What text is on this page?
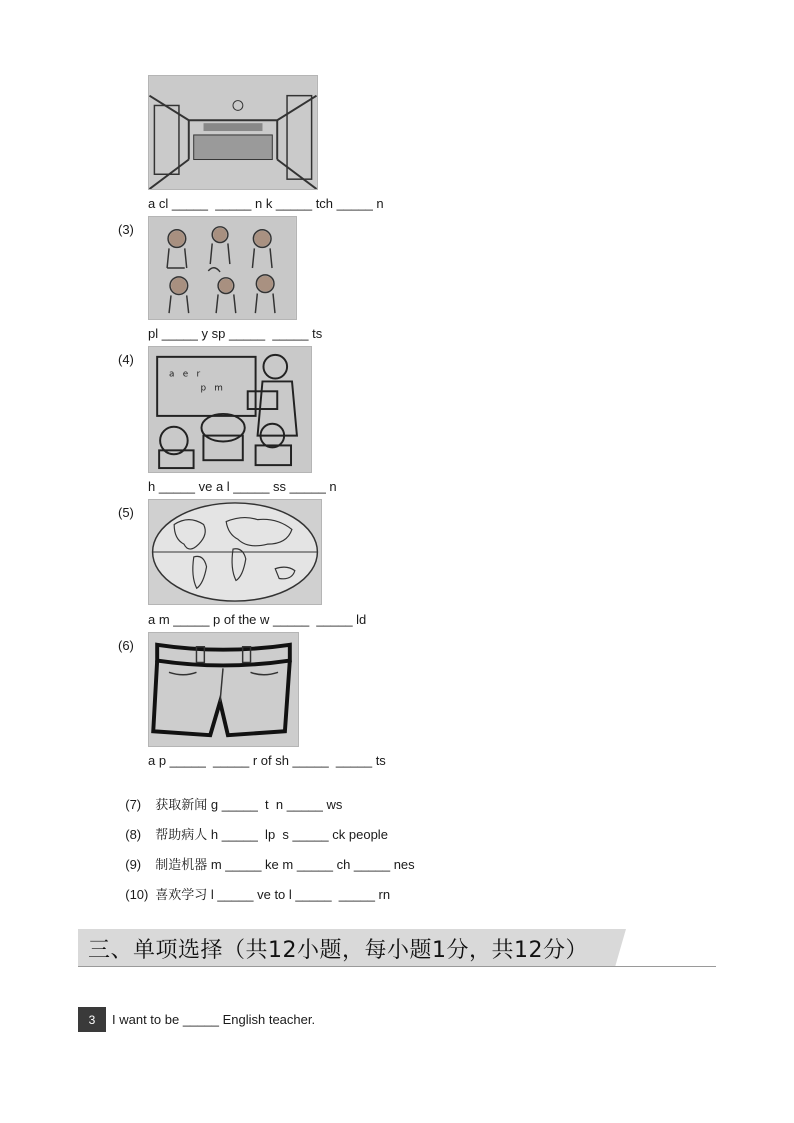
a cl _____  _____ n k _____ tch _____ n
(3)
pl _____ y sp _____  _____ ts
(4)
a e r
p m
h _____ ve a l _____ ss _____ n
(5)
a m _____ p of the w _____  _____ ld
(6)
a p _____  _____ r of sh _____  _____ ts

(7) 获取新闻 g _____  t  n _____ ws

(8) 帮助病人 h _____  lp  s _____ ck people

(9) 制造机器 m _____ ke m _____ ch _____ nes

(10) 喜欢学习 l _____ ve to l _____  _____ rn

三、单项选择（共12小题，每小题1分，共12分）
3	I want to be _____ English teacher.
